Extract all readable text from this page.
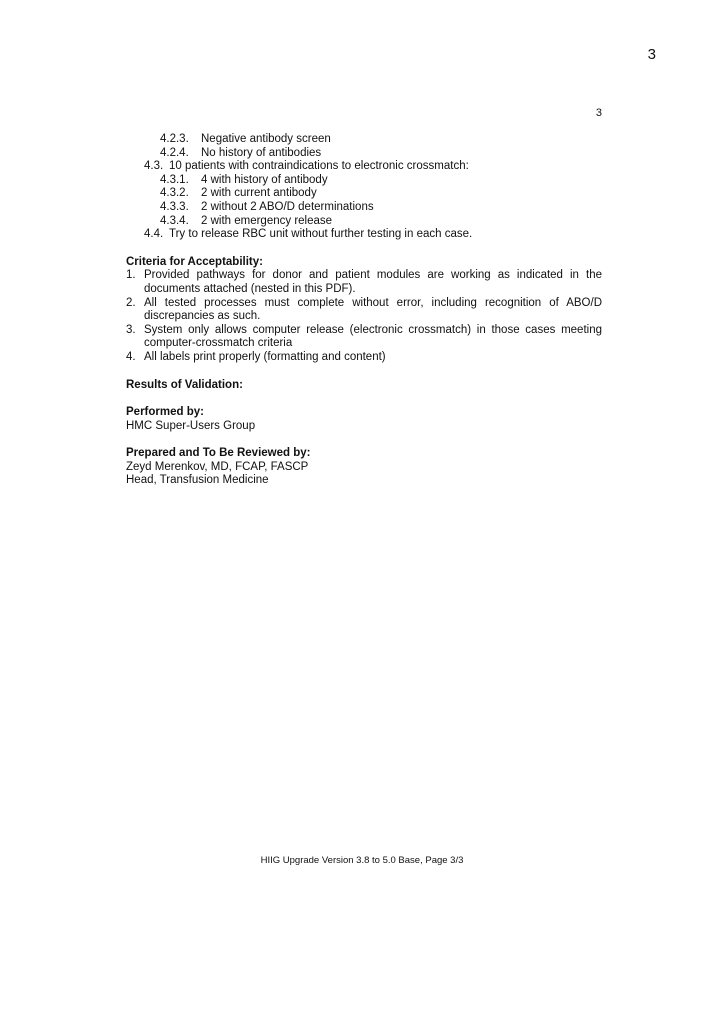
3
3
4.2.3.	Negative antibody screen
4.2.4.	No history of antibodies
4.3. 10 patients with contraindications to electronic crossmatch:
4.3.1.	4 with history of antibody
4.3.2.	2 with current antibody
4.3.3.	2 without 2 ABO/D determinations
4.3.4.	2 with emergency release
4.4. Try to release RBC unit without further testing in each case.
Criteria for Acceptability:
1. Provided pathways for donor and patient modules are working as indicated in the documents attached (nested in this PDF).
2. All tested processes must complete without error, including recognition of ABO/D discrepancies as such.
3. System only allows computer release (electronic crossmatch) in those cases meeting computer-crossmatch criteria
4. All labels print properly (formatting and content)
Results of Validation:
Performed by:
HMC Super-Users Group
Prepared and To Be Reviewed by:
Zeyd Merenkov, MD, FCAP, FASCP
Head, Transfusion Medicine
HIIG Upgrade Version 3.8 to 5.0 Base, Page 3/3
